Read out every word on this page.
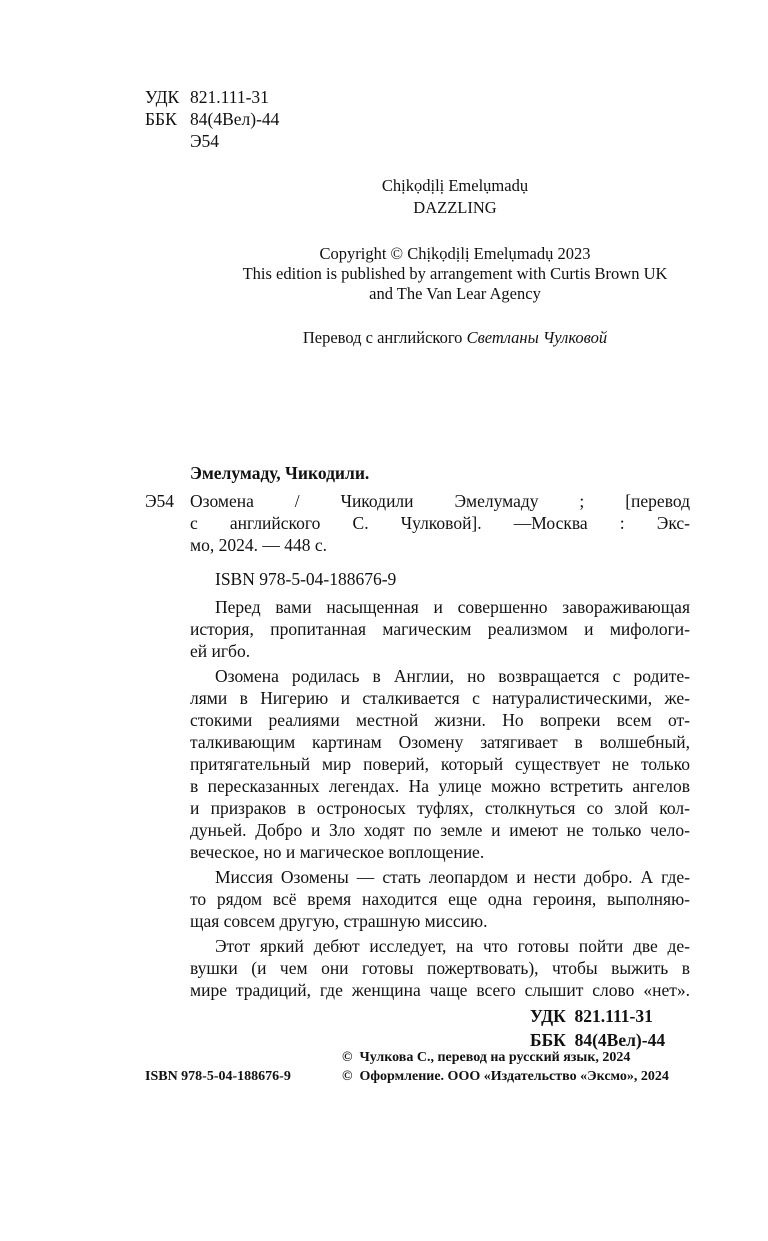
УДК 821.111-31
ББК 84(4Вел)-44
Э54
Chịkọdịlị Emelụmadụ
DAZZLING
Copyright © Chịkọdịlị Emelụmadụ 2023
This edition is published by arrangement with Curtis Brown UK
and The Van Lear Agency
Перевод с английского Светланы Чулковой
Эмелумаду, Чикодили.
Э54 Озомена / Чикодили Эмелумаду ; [перевод
с английского С. Чулковой]. —Москва : Экс-
мо, 2024. — 448 с.
ISBN 978-5-04-188676-9
Перед вами насыщенная и совершенно завораживающая
история, пропитанная магическим реализмом и мифологи-
ей игбо.
Озомена родилась в Англии, но возвращается с родите-
лями в Нигерию и сталкивается с натуралистическими, же-
стокими реалиями местной жизни. Но вопреки всем от-
талкивающим картинам Озомену затягивает в волшебный,
притягательный мир поверий, который существует не только
в пересказанных легендах. На улице можно встретить ангелов
и призраков в остроносых туфлях, столкнуться со злой кол-
дуньей. Добро и Зло ходят по земле и имеют не только чело-
веческое, но и магическое воплощение.
Миссия Озомены — стать леопардом и нести добро. А где-
то рядом всё время находится еще одна героиня, выполняю-
щая совсем другую, страшную миссию.
Этот яркий дебют исследует, на что готовы пойти две де-
вушки (и чем они готовы пожертвовать), чтобы выжить в
мире традиций, где женщина чаще всего слышит слово «нет».
УДК  821.111-31
ББК  84(4Вел)-44
©  Чулкова С., перевод на русский язык, 2024
ISBN 978-5-04-188676-9	©  Оформление. ООО «Издательство «Эксмо», 2024
